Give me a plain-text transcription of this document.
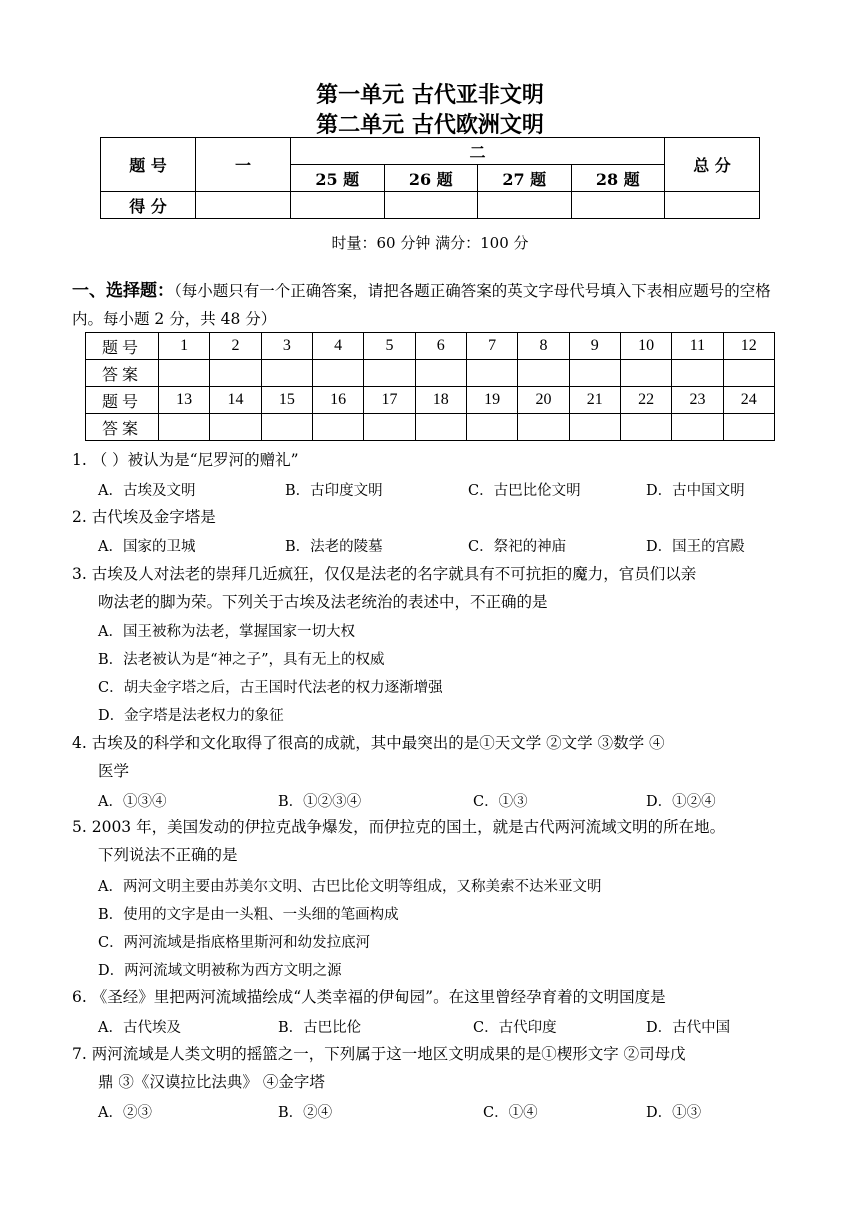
第一单元 古代亚非文明
第二单元 古代欧洲文明
题 号	一	二				总 分
		25 题	26 题	27 题	28 题	
得 分						
时量：60 分钟 满分：100 分
一、选择题：（每小题只有一个正确答案，请把各题正确答案的英文字母代号填入下表相应题号的空格内。每小题 2 分，共 48 分）
题号	1	2	3	4	5	6	7	8	9	10	11	12
答案												
题号	13	14	15	16	17	18	19	20	21	22	23	24
答案												
1. （ ）被认为是“尼罗河的赠礼”
A．古埃及文明	B．古印度文明	C．古巴比伦文明	D．古中国文明
2. 古代埃及金字塔是
A．国家的卫城	B．法老的陵墓	C．祭祀的神庙	D．国王的宫殿
3. 古埃及人对法老的崇拜几近疯狂，仅仅是法老的名字就具有不可抗拒的魔力，官员们以亲
吻法老的脚为荣。下列关于古埃及法老统治的表述中，不正确的是
A．国王被称为法老，掌握国家一切大权
B．法老被认为是“神之子”，具有无上的权威
C．胡夫金字塔之后，古王国时代法老的权力逐渐增强
D．金字塔是法老权力的象征
4. 古埃及的科学和文化取得了很高的成就，其中最突出的是①天文学 ②文学 ③数学 ④
医学
A．①③④	B．①②③④	C．①③	D．①②④
5. 2003 年，美国发动的伊拉克战争爆发，而伊拉克的国土，就是古代两河流域文明的所在地。
下列说法不正确的是
A．两河文明主要由苏美尔文明、古巴比伦文明等组成，又称美索不达米亚文明
B．使用的文字是由一头粗、一头细的笔画构成
C．两河流域是指底格里斯河和幼发拉底河
D．两河流域文明被称为西方文明之源
6. 《圣经》里把两河流域描绘成“人类幸福的伊甸园”。在这里曾经孕育着的文明国度是
A．古代埃及	B．古巴比伦	C．古代印度	D．古代中国
7. 两河流域是人类文明的摇篮之一，下列属于这一地区文明成果的是①楔形文字 ②司母戊
鼎 ③《汉谟拉比法典》 ④金字塔
A．②③	B．②④	C．①④	D．①③
